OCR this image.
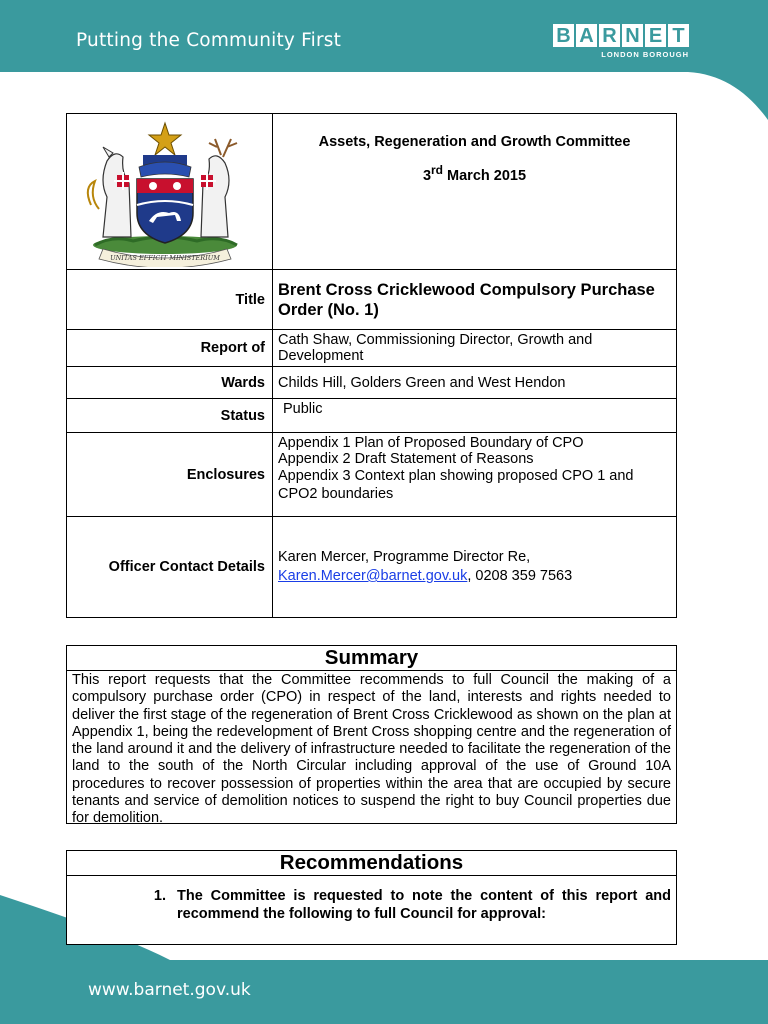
Putting the Community First	B A R N E T
LONDON BOROUGH
UNITAS EFFICIT MINISTERIUM	Assets, Regeneration and Growth Committee
3rd March 2015

Title	Brent Cross Cricklewood Compulsory Purchase Order (No. 1)
Report of	Cath Shaw, Commissioning Director, Growth and Development
Wards	Childs Hill, Golders Green and West Hendon
Status	Public
Enclosures	Appendix 1 Plan of Proposed Boundary of CPO
Appendix 2 Draft Statement of Reasons
Appendix 3 Context plan showing proposed CPO 1 and CPO2 boundaries

Officer Contact Details	Karen Mercer, Programme Director Re,
Karen.Mercer@barnet.gov.uk, 0208 359 7563
Summary
This report requests that the Committee recommends to full Council the making of a compulsory purchase order (CPO) in respect of the land, interests and rights needed to deliver the first stage of the regeneration of Brent Cross Cricklewood as shown on the plan at Appendix 1, being the redevelopment of Brent Cross shopping centre and the regeneration of the land around it and the delivery of infrastructure needed to facilitate the regeneration of the land to the south of the North Circular including approval of the use of Ground 10A procedures to recover possession of properties within the area that are occupied by secure tenants and service of demolition notices to suspend the right to buy Council properties due for demolition.
Recommendations
1. The Committee is requested to note the content of this report and recommend the following to full Council for approval:
www.barnet.gov.uk
